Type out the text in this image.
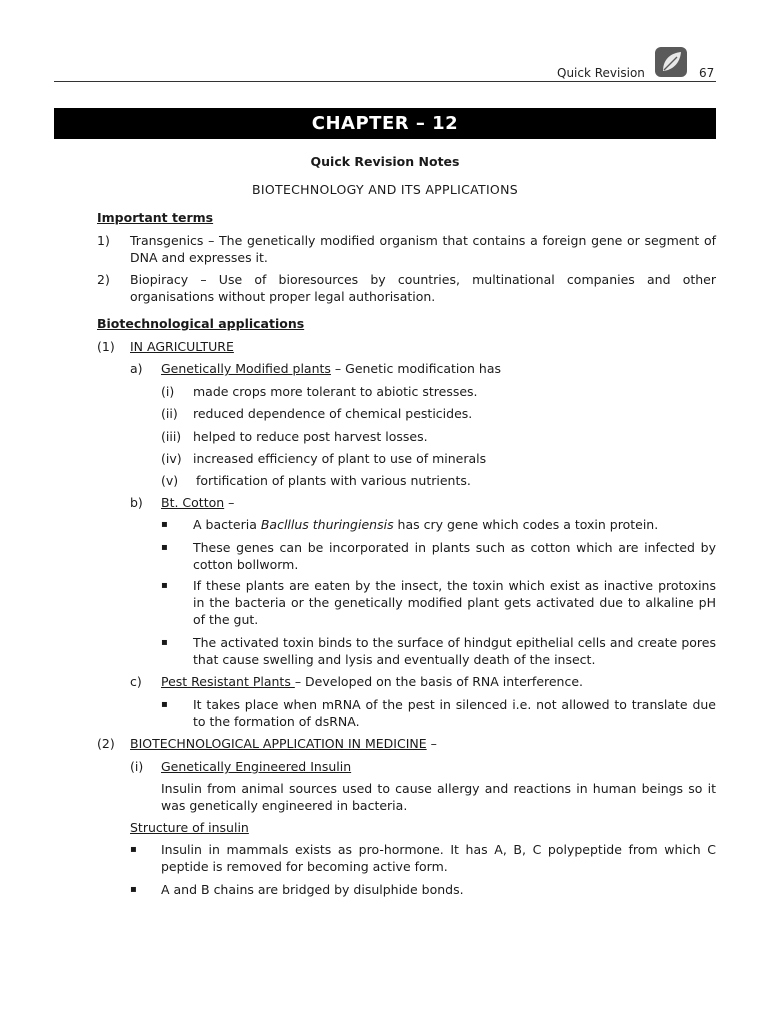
Quick Revision	67
CHAPTER – 12
Quick Revision Notes
BIOTECHNOLOGY AND ITS APPLICATIONS
Important terms
1) Transgenics – The genetically modified organism that contains a foreign gene or segment of DNA and expresses it.
2) Biopiracy – Use of bioresources by countries, multinational companies and other organisations without proper legal authorisation.
Biotechnological applications
(1) IN AGRICULTURE
a) Genetically Modified plants – Genetic modification has
(i) made crops more tolerant to abiotic stresses.
(ii) reduced dependence of chemical pesticides.
(iii) helped to reduce post harvest losses.
(iv) increased efficiency of plant to use of minerals
(v) fortification of plants with various nutrients.
b) Bt. Cotton –
▪ A bacteria Baclllus thuringiensis has cry gene which codes a toxin protein.
▪ These genes can be incorporated in plants such as cotton which are infected by cotton bollworm.
▪ If these plants are eaten by the insect, the toxin which exist as inactive protoxins in the bacteria or the genetically modified plant gets activated due to alkaline pH of the gut.
▪ The activated toxin binds to the surface of hindgut epithelial cells and create pores that cause swelling and lysis and eventually death of the insect.
c) Pest Resistant Plants – Developed on the basis of RNA interference.
▪ It takes place when mRNA of the pest in silenced i.e. not allowed to translate due to the formation of dsRNA.
(2) BIOTECHNOLOGICAL APPLICATION IN MEDICINE –
(i) Genetically Engineered Insulin
Insulin from animal sources used to cause allergy and reactions in human beings so it was genetically engineered in bacteria.
Structure of insulin
▪ Insulin in mammals exists as pro-hormone. It has A, B, C polypeptide from which C peptide is removed for becoming active form.
▪ A and B chains are bridged by disulphide bonds.
